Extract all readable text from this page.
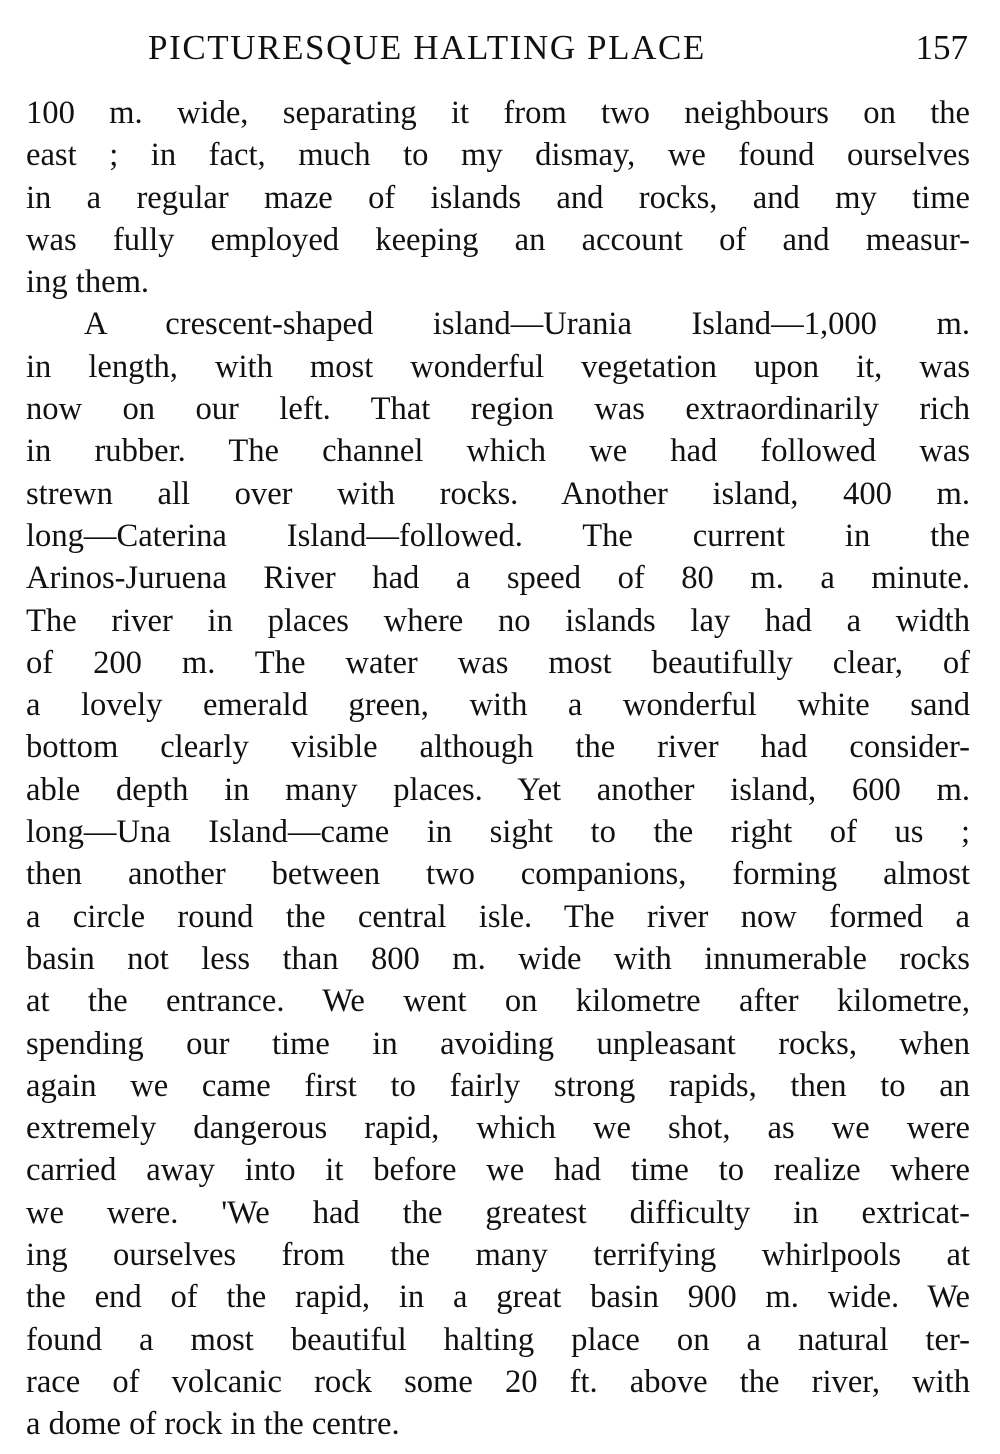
PICTURESQUE HALTING PLACE	157
100 m. wide, separating it from two neighbours on the
east ; in fact, much to my dismay, we found ourselves
in a regular maze of islands and rocks, and my time
was fully employed keeping an account of and measur-
ing them.
A crescent-shaped island—Urania Island—1,000 m.
in length, with most wonderful vegetation upon it, was
now on our left. That region was extraordinarily rich
in rubber. The channel which we had followed was
strewn all over with rocks. Another island, 400 m.
long—Caterina Island—followed. The current in the
Arinos-Juruena River had a speed of 80 m. a minute.
The river in places where no islands lay had a width
of 200 m. The water was most beautifully clear, of
a lovely emerald green, with a wonderful white sand
bottom clearly visible although the river had consider-
able depth in many places. Yet another island, 600 m.
long—Una Island—came in sight to the right of us ;
then another between two companions, forming almost
a circle round the central isle. The river now formed a
basin not less than 800 m. wide with innumerable rocks
at the entrance. We went on kilometre after kilometre,
spending our time in avoiding unpleasant rocks, when
again we came first to fairly strong rapids, then to an
extremely dangerous rapid, which we shot, as we were
carried away into it before we had time to realize where
we were. 'We had the greatest difficulty in extricat-
ing ourselves from the many terrifying whirlpools at
the end of the rapid, in a great basin 900 m. wide. We
found a most beautiful halting place on a natural ter-
race of volcanic rock some 20 ft. above the river, with
a dome of rock in the centre.
